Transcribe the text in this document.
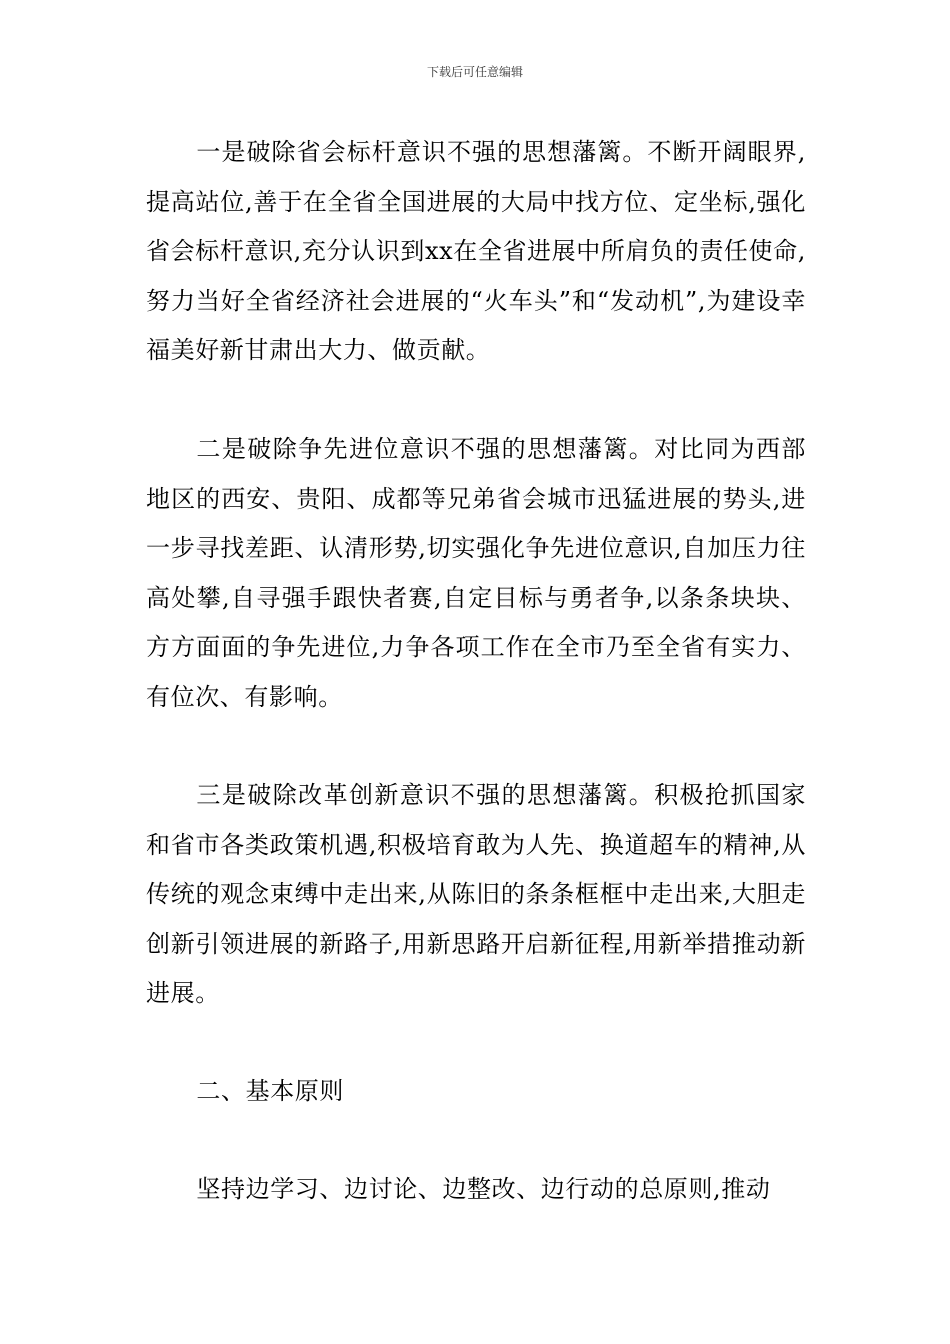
下载后可任意编辑

一是破除省会标杆意识不强的思想藩篱。不断开阔眼界,提高站位,善于在全省全国进展的大局中找方位、定坐标,强化省会标杆意识,充分认识到xx在全省进展中所肩负的责任使命,努力当好全省经济社会进展的“火车头”和“发动机”,为建设幸福美好新甘肃出大力、做贡献。

二是破除争先进位意识不强的思想藩篱。对比同为西部地区的西安、贵阳、成都等兄弟省会城市迅猛进展的势头,进一步寻找差距、认清形势,切实强化争先进位意识,自加压力往高处攀,自寻强手跟快者赛,自定目标与勇者争,以条条块块、方方面面的争先进位,力争各项工作在全市乃至全省有实力、有位次、有影响。

三是破除改革创新意识不强的思想藩篱。积极抢抓国家和省市各类政策机遇,积极培育敢为人先、换道超车的精神,从传统的观念束缚中走出来,从陈旧的条条框框中走出来,大胆走创新引领进展的新路子,用新思路开启新征程,用新举措推动新进展。

二、基本原则

坚持边学习、边讨论、边整改、边行动的总原则,推动
